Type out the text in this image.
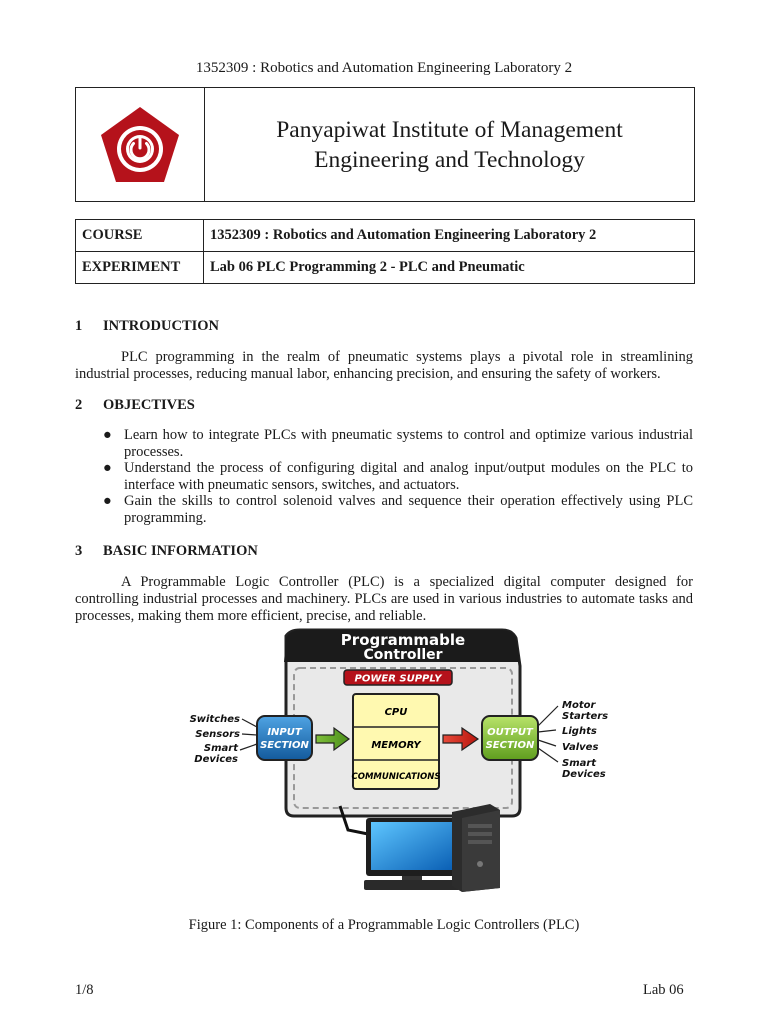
1352309 : Robotics and Automation Engineering Laboratory 2
Panyapiwat Institute of Management
Engineering and Technology
COURSE	1352309 : Robotics and Automation Engineering Laboratory 2
EXPERIMENT	Lab 06 PLC Programming 2 - PLC and Pneumatic
1 INTRODUCTION
PLC programming in the realm of pneumatic systems plays a pivotal role in streamlining industrial processes, reducing manual labor, enhancing precision, and ensuring the safety of workers.
2 OBJECTIVES
● Learn how to integrate PLCs with pneumatic systems to control and optimize various industrial processes.
● Understand the process of configuring digital and analog input/output modules on the PLC to interface with pneumatic sensors, switches, and actuators.
● Gain the skills to control solenoid valves and sequence their operation effectively using PLC programming.
3 BASIC INFORMATION
A Programmable Logic Controller (PLC) is a specialized digital computer designed for controlling industrial processes and machinery. PLCs are used in various industries to automate tasks and processes, making them more efficient, precise, and reliable.
Programmable
Controller
POWER SUPPLY
CPU
MEMORY
COMMUNICATIONS
INPUT
SECTION
OUTPUT
SECTION
Switches
Sensors
Smart
Devices
Motor
Starters
Lights
Valves
Smart
Devices
Figure 1: Components of a Programmable Logic Controllers (PLC)
1/8	Lab 06
